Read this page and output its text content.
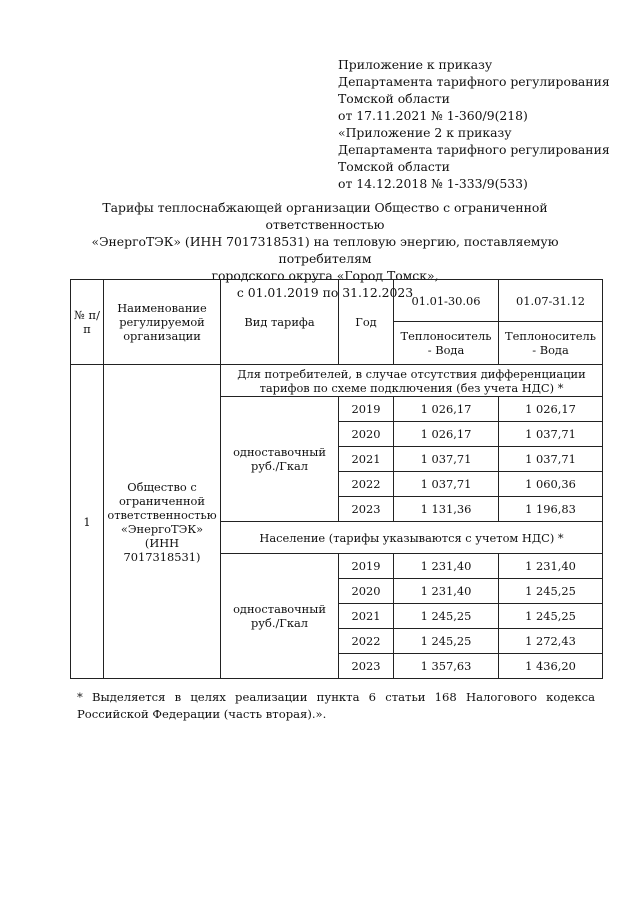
Приложение к приказу
Департамента тарифного регулирования
Томской области
от 17.11.2021 № 1-360/9(218)
«Приложение 2 к приказу
Департамента тарифного регулирования
Томской области
от 14.12.2018 № 1-333/9(533)
Тарифы теплоснабжающей организации Общество с ограниченной ответственностью
«ЭнергоТЭК» (ИНН 7017318531) на тепловую энергию, поставляемую потребителям
городского округа «Город Томск»,
с 01.01.2019 по 31.12.2023
№ п/п	Наименование регулируемой организации	Вид тарифа	Год	01.01-30.06	01.07-31.12
				Теплоноситель - Вода	Теплоноситель - Вода
1	Общество с ограниченной ответственностью «ЭнергоТЭК» (ИНН 7017318531)	Для потребителей, в случае отсутствия дифференциации тарифов по схеме подключения (без учета НДС) *			
		одноставочный руб./Гкал	2019	1 026,17	1 026,17
			2020	1 026,17	1 037,71
			2021	1 037,71	1 037,71
			2022	1 037,71	1 060,36
			2023	1 131,36	1 196,83
		Население (тарифы указываются с учетом НДС) *			
		одноставочный руб./Гкал	2019	1 231,40	1 231,40
			2020	1 231,40	1 245,25
			2021	1 245,25	1 245,25
			2022	1 245,25	1 272,43
			2023	1 357,63	1 436,20
* Выделяется в целях реализации пункта 6 статьи 168 Налогового кодекса Российской Федерации (часть вторая).».
